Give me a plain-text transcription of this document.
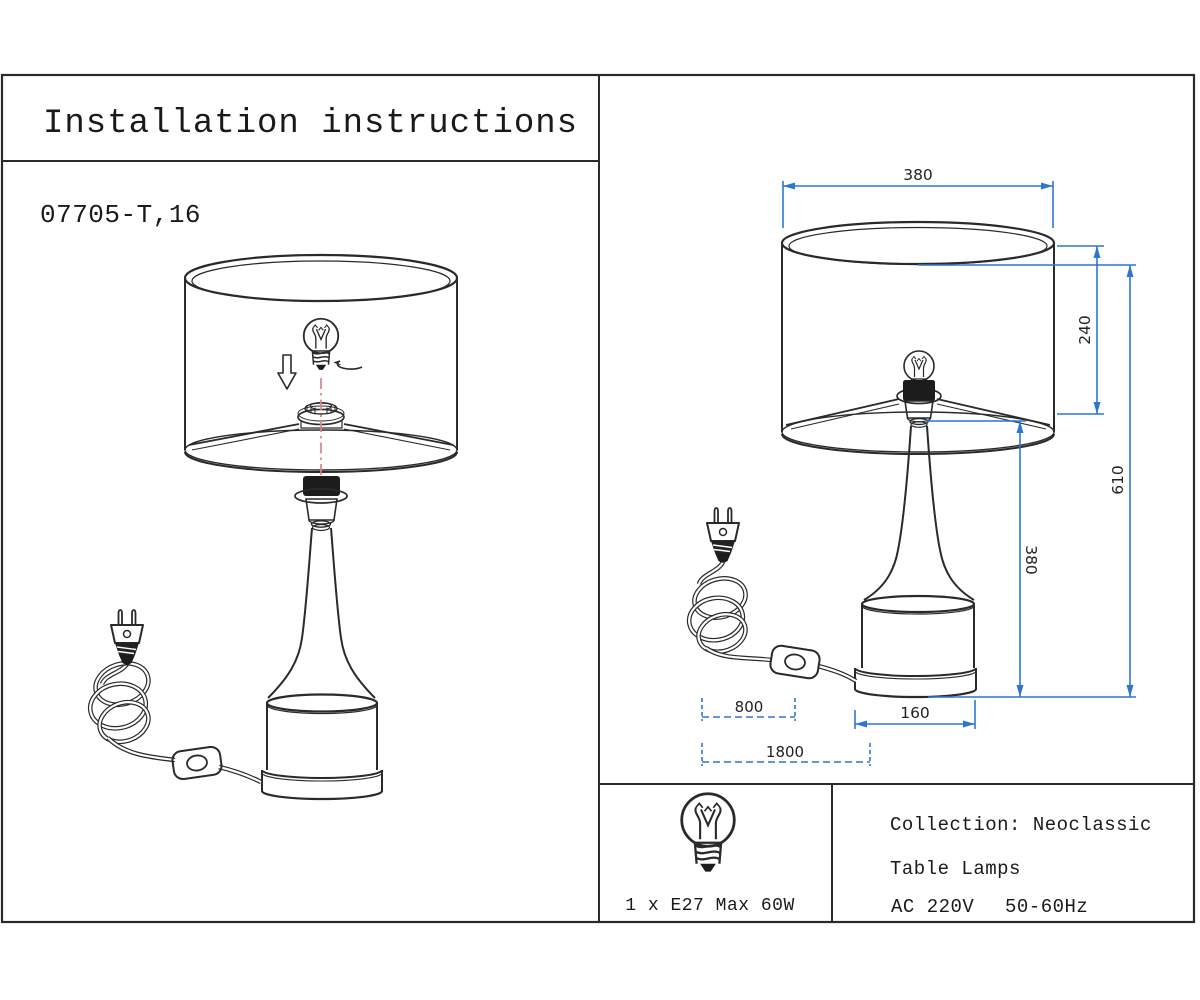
Installation instructions
07705-T,16
380
240
610
380
160
800
1800
1 x E27 Max 60W
Collection: Neoclassic
Table Lamps
AC 220V 50-60Hz
